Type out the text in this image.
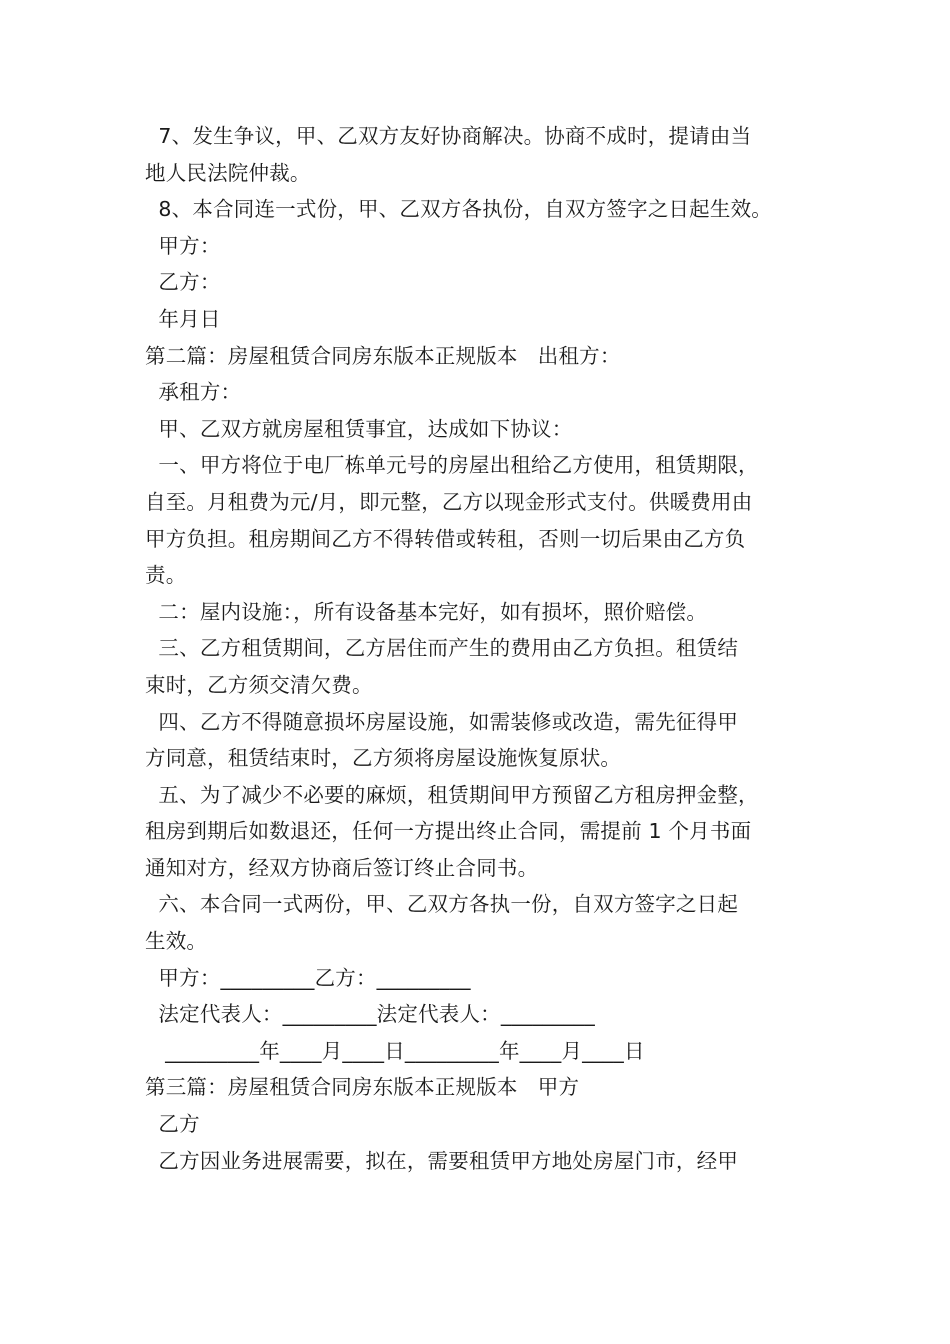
7、发生争议，甲、乙双方友好协商解决。协商不成时，提请由当
地人民法院仲裁。
8、本合同连一式份，甲、乙双方各执份，自双方签字之日起生效。
甲方：
乙方：
年月日
第二篇：房屋租赁合同房东版本正规版本   出租方：
承租方：
甲、乙双方就房屋租赁事宜，达成如下协议：
一、甲方将位于电厂栋单元号的房屋出租给乙方使用，租赁期限，
自至。月租费为元/月，即元整，乙方以现金形式支付。供暖费用由
甲方负担。租房期间乙方不得转借或转租，否则一切后果由乙方负
责。
二：屋内设施：，所有设备基本完好，如有损坏，照价赔偿。
三、乙方租赁期间，乙方居住而产生的费用由乙方负担。租赁结
束时，乙方须交清欠费。
四、乙方不得随意损坏房屋设施，如需装修或改造，需先征得甲
方同意，租赁结束时，乙方须将房屋设施恢复原状。
五、为了减少不必要的麻烦，租赁期间甲方预留乙方租房押金整，
租房到期后如数退还，任何一方提出终止合同，需提前 1 个月书面
通知对方，经双方协商后签订终止合同书。
六、本合同一式两份，甲、乙双方各执一份，自双方签字之日起
生效。
甲方：_________乙方：_________
法定代表人：_________法定代表人：_________
_________年____月____日_________年____月____日
第三篇：房屋租赁合同房东版本正规版本   甲方
乙方
乙方因业务进展需要，拟在，需要租赁甲方地处房屋门市，经甲
